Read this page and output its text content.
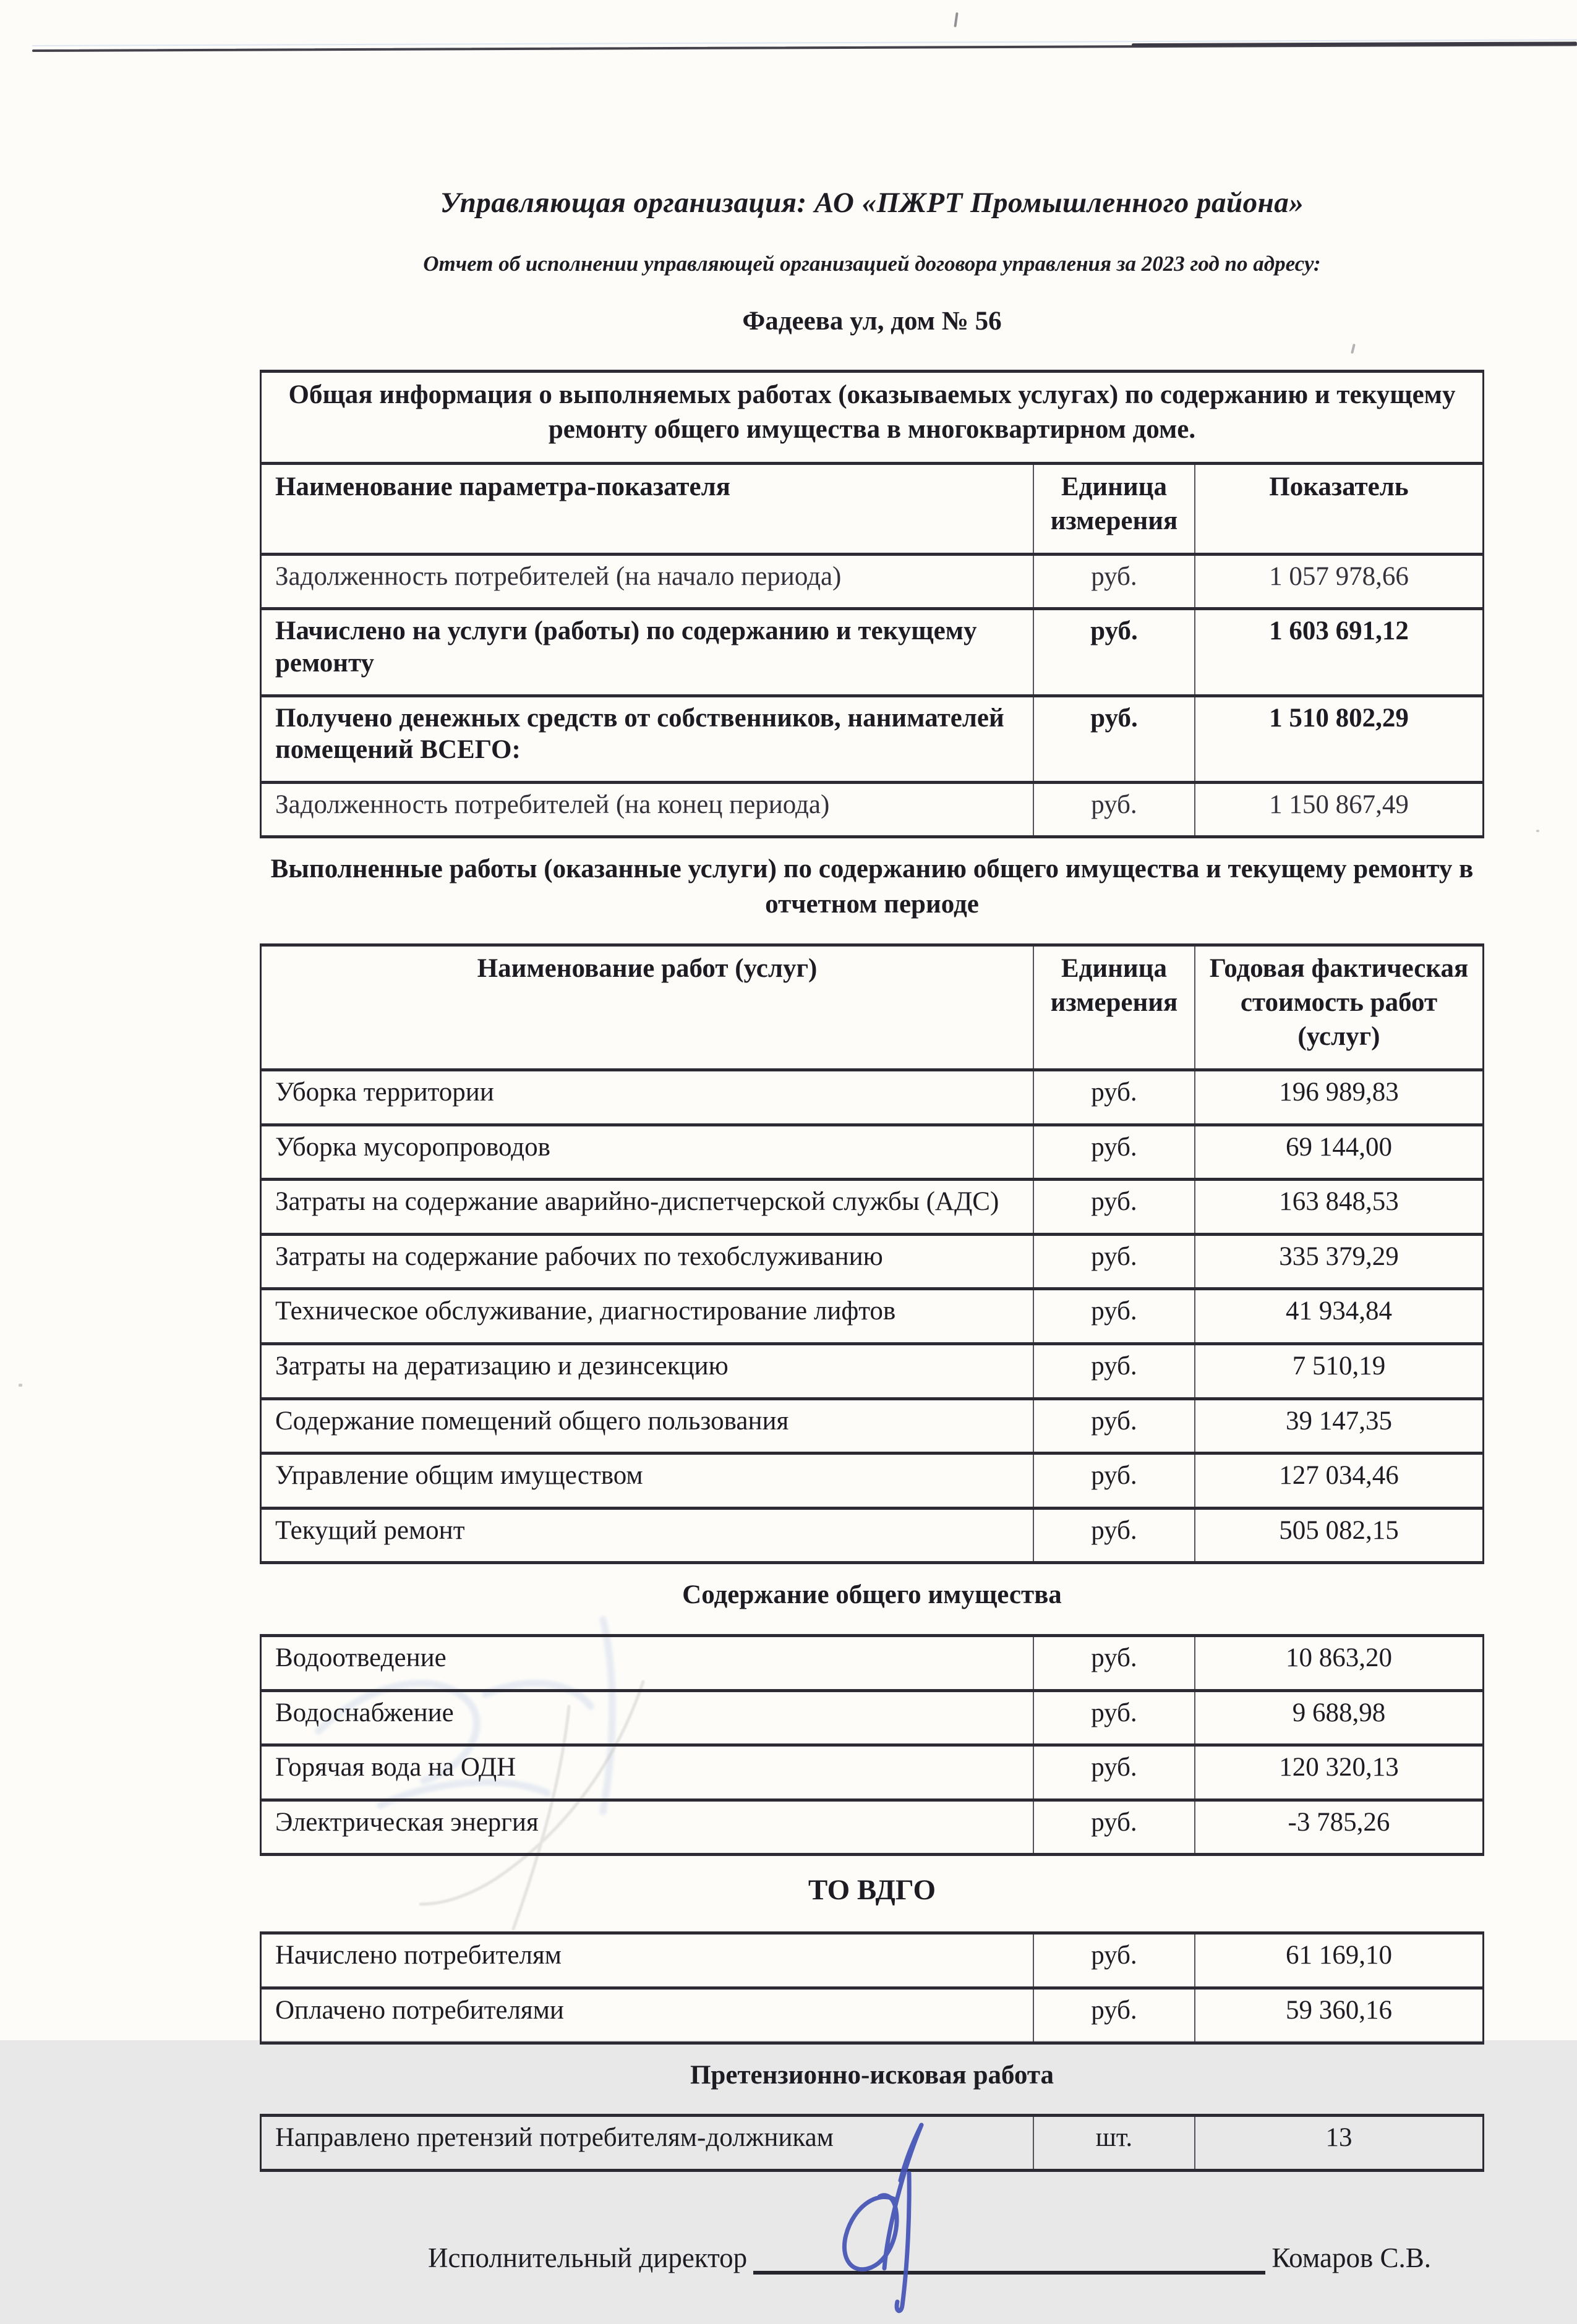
Управляющая организация: АО «ПЖРТ Промышленного района»
Отчет об исполнении управляющей организацией договора управления за 2023 год по адресу:
Фадеева ул, дом № 56
Общая информация о выполняемых работах (оказываемых услугах) по содержанию и текущему ремонту общего имущества в многоквартирном доме.		
Наименование параметра-показателя	Единица измерения	Показатель
Задолженность потребителей (на начало периода)	руб.	1 057 978,66
Начислено на услуги (работы) по содержанию и текущему ремонту	руб.	1 603 691,12
Получено денежных средств от собственников, нанимателей помещений ВСЕГО:	руб.	1 510 802,29
Задолженность потребителей (на конец периода)	руб.	1 150 867,49
Выполненные работы (оказанные услуги) по содержанию общего имущества и текущему ремонту в отчетном периоде
Наименование работ (услуг)	Единица измерения	Годовая фактическая стоимость работ (услуг)
Уборка территории	руб.	196 989,83
Уборка мусоропроводов	руб.	69 144,00
Затраты на содержание аварийно-диспетчерской службы (АДС)	руб.	163 848,53
Затраты на содержание рабочих по техобслуживанию	руб.	335 379,29
Техническое обслуживание, диагностирование лифтов	руб.	41 934,84
Затраты на дератизацию и дезинсекцию	руб.	7 510,19
Содержание помещений общего пользования	руб.	39 147,35
Управление общим имуществом	руб.	127 034,46
Текущий ремонт	руб.	505 082,15
Содержание общего имущества
Водоотведение	руб.	10 863,20
Водоснабжение	руб.	9 688,98
Горячая вода на ОДН	руб.	120 320,13
Электрическая энергия	руб.	-3 785,26
ТО ВДГО
Начислено потребителям	руб.	61 169,10
Оплачено потребителями	руб.	59 360,16
Претензионно-исковая работа
Направлено претензий потребителям-должникам	шт.	13
Исполнительный директор	Комаров С.В.
